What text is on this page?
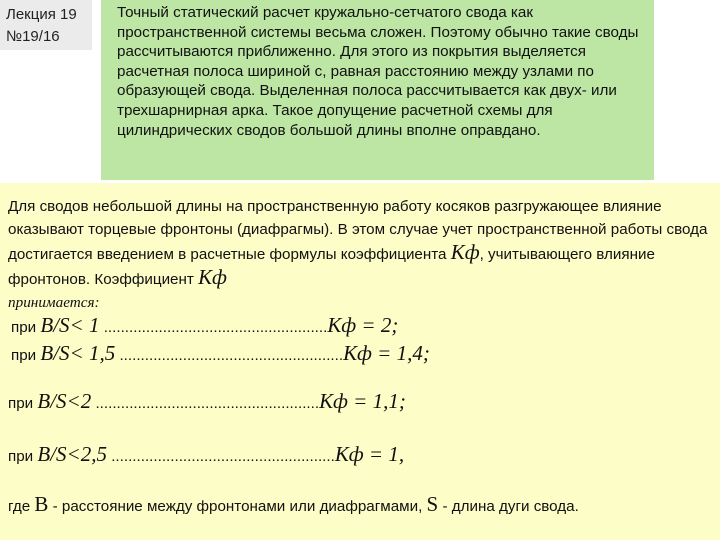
Лекция 19
№19/16

Точный статический расчет кружально-сетчатого свода как пространственной системы весьма сложен. Поэтому обычно такие своды рассчитываются приближенно. Для этого из покрытия выделяется расчетная полоса шириной с, равная расстоянию между узлами по образующей свода. Выделенная полоса рассчитывается как двух- или трехшарнирная арка. Такое допущение расчетной схемы для цилиндрических сводов большой длины вполне оправдано.

Для сводов небольшой длины на пространственную работу косяков разгружающее влияние оказывают торцевые фронтоны (диафрагмы). В этом случае учет пространственной работы свода достигается введением в расчетные формулы коэффициента Кф, учитывающего влияние фронтонов. Коэффициент Кф
принимается:

при B/S< 1 .....................................................Кф = 2;
при B/S< 1,5 .....................................................Кф = 1,4;
при B/S<2 .....................................................Кф = 1,1;
при B/S<2,5 .....................................................Кф = 1,
где B - расстояние между фронтонами или диафрагмами, S - длина дуги свода.
